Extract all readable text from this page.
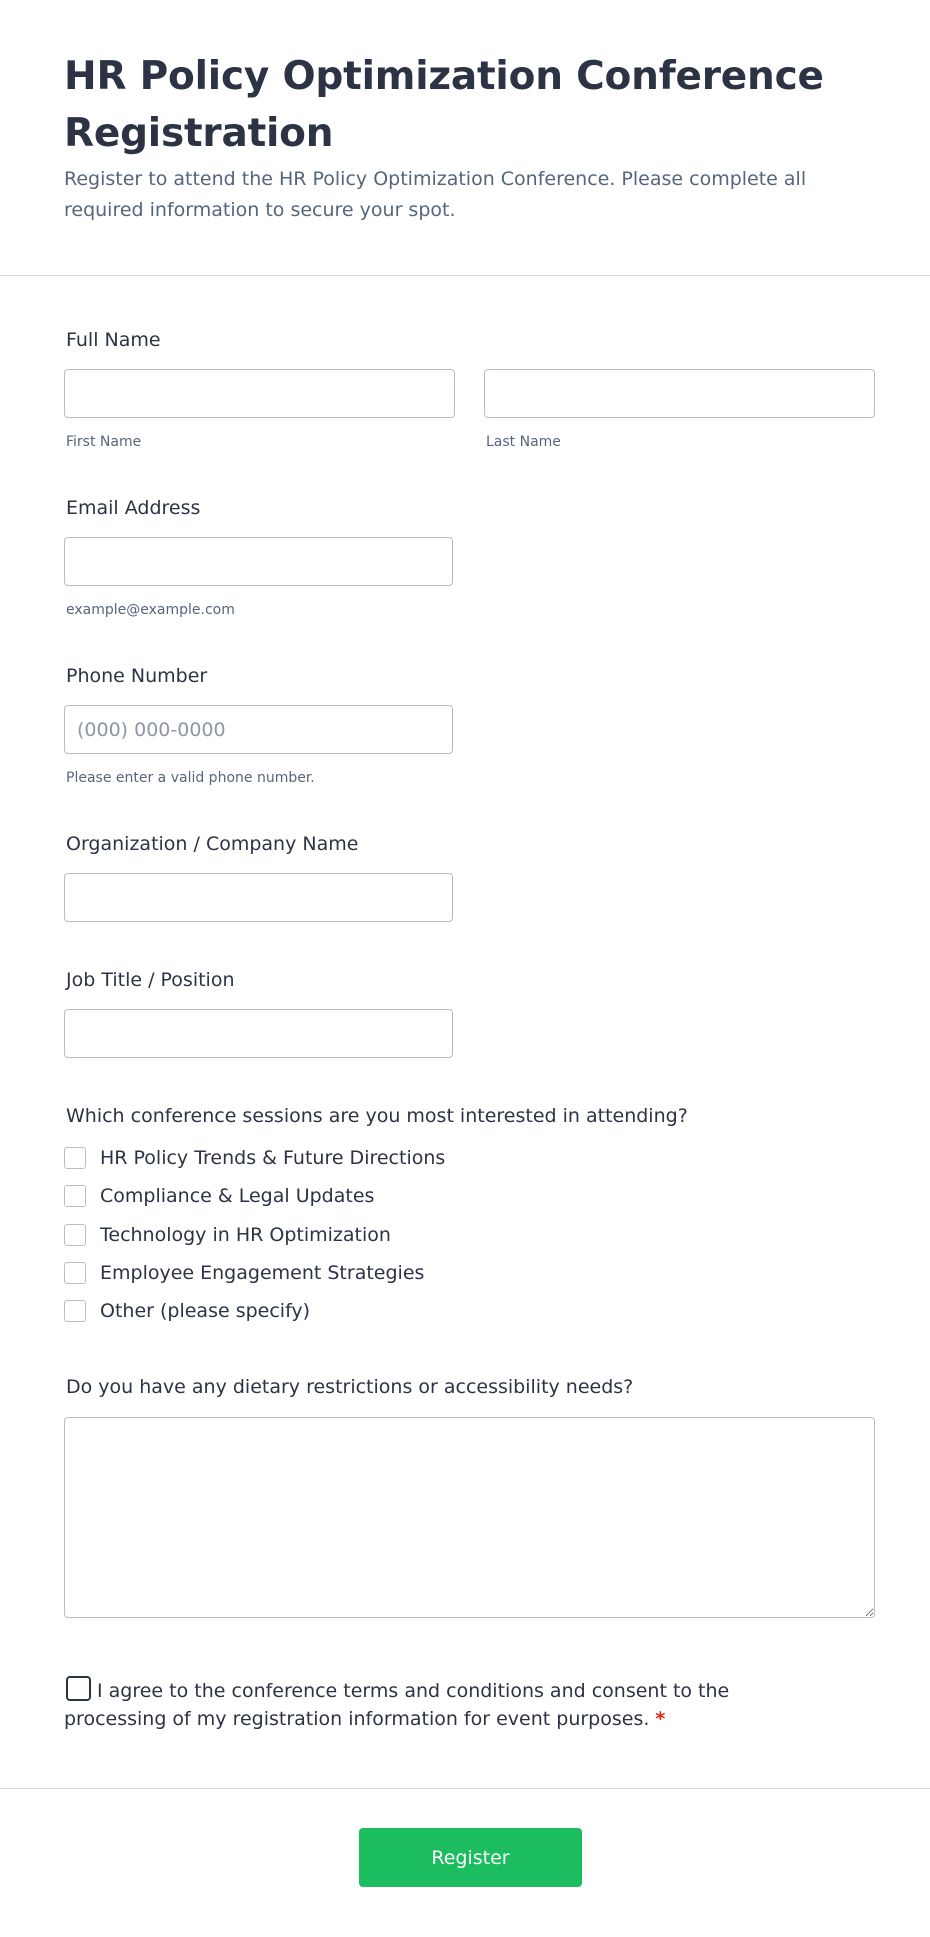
HR Policy Optimization Conference Registration

Register to attend the HR Policy Optimization Conference. Please complete all required information to secure your spot.

Full Name
First Name	Last Name
Email Address
example@example.com
Phone Number
(000) 000-0000
Please enter a valid phone number.
Organization / Company Name
Job Title / Position
Which conference sessions are you most interested in attending?
HR Policy Trends & Future Directions
Compliance & Legal Updates
Technology in HR Optimization
Employee Engagement Strategies
Other (please specify)
Do you have any dietary restrictions or accessibility needs?
I agree to the conference terms and conditions and consent to the processing of my registration information for event purposes. *
Register
